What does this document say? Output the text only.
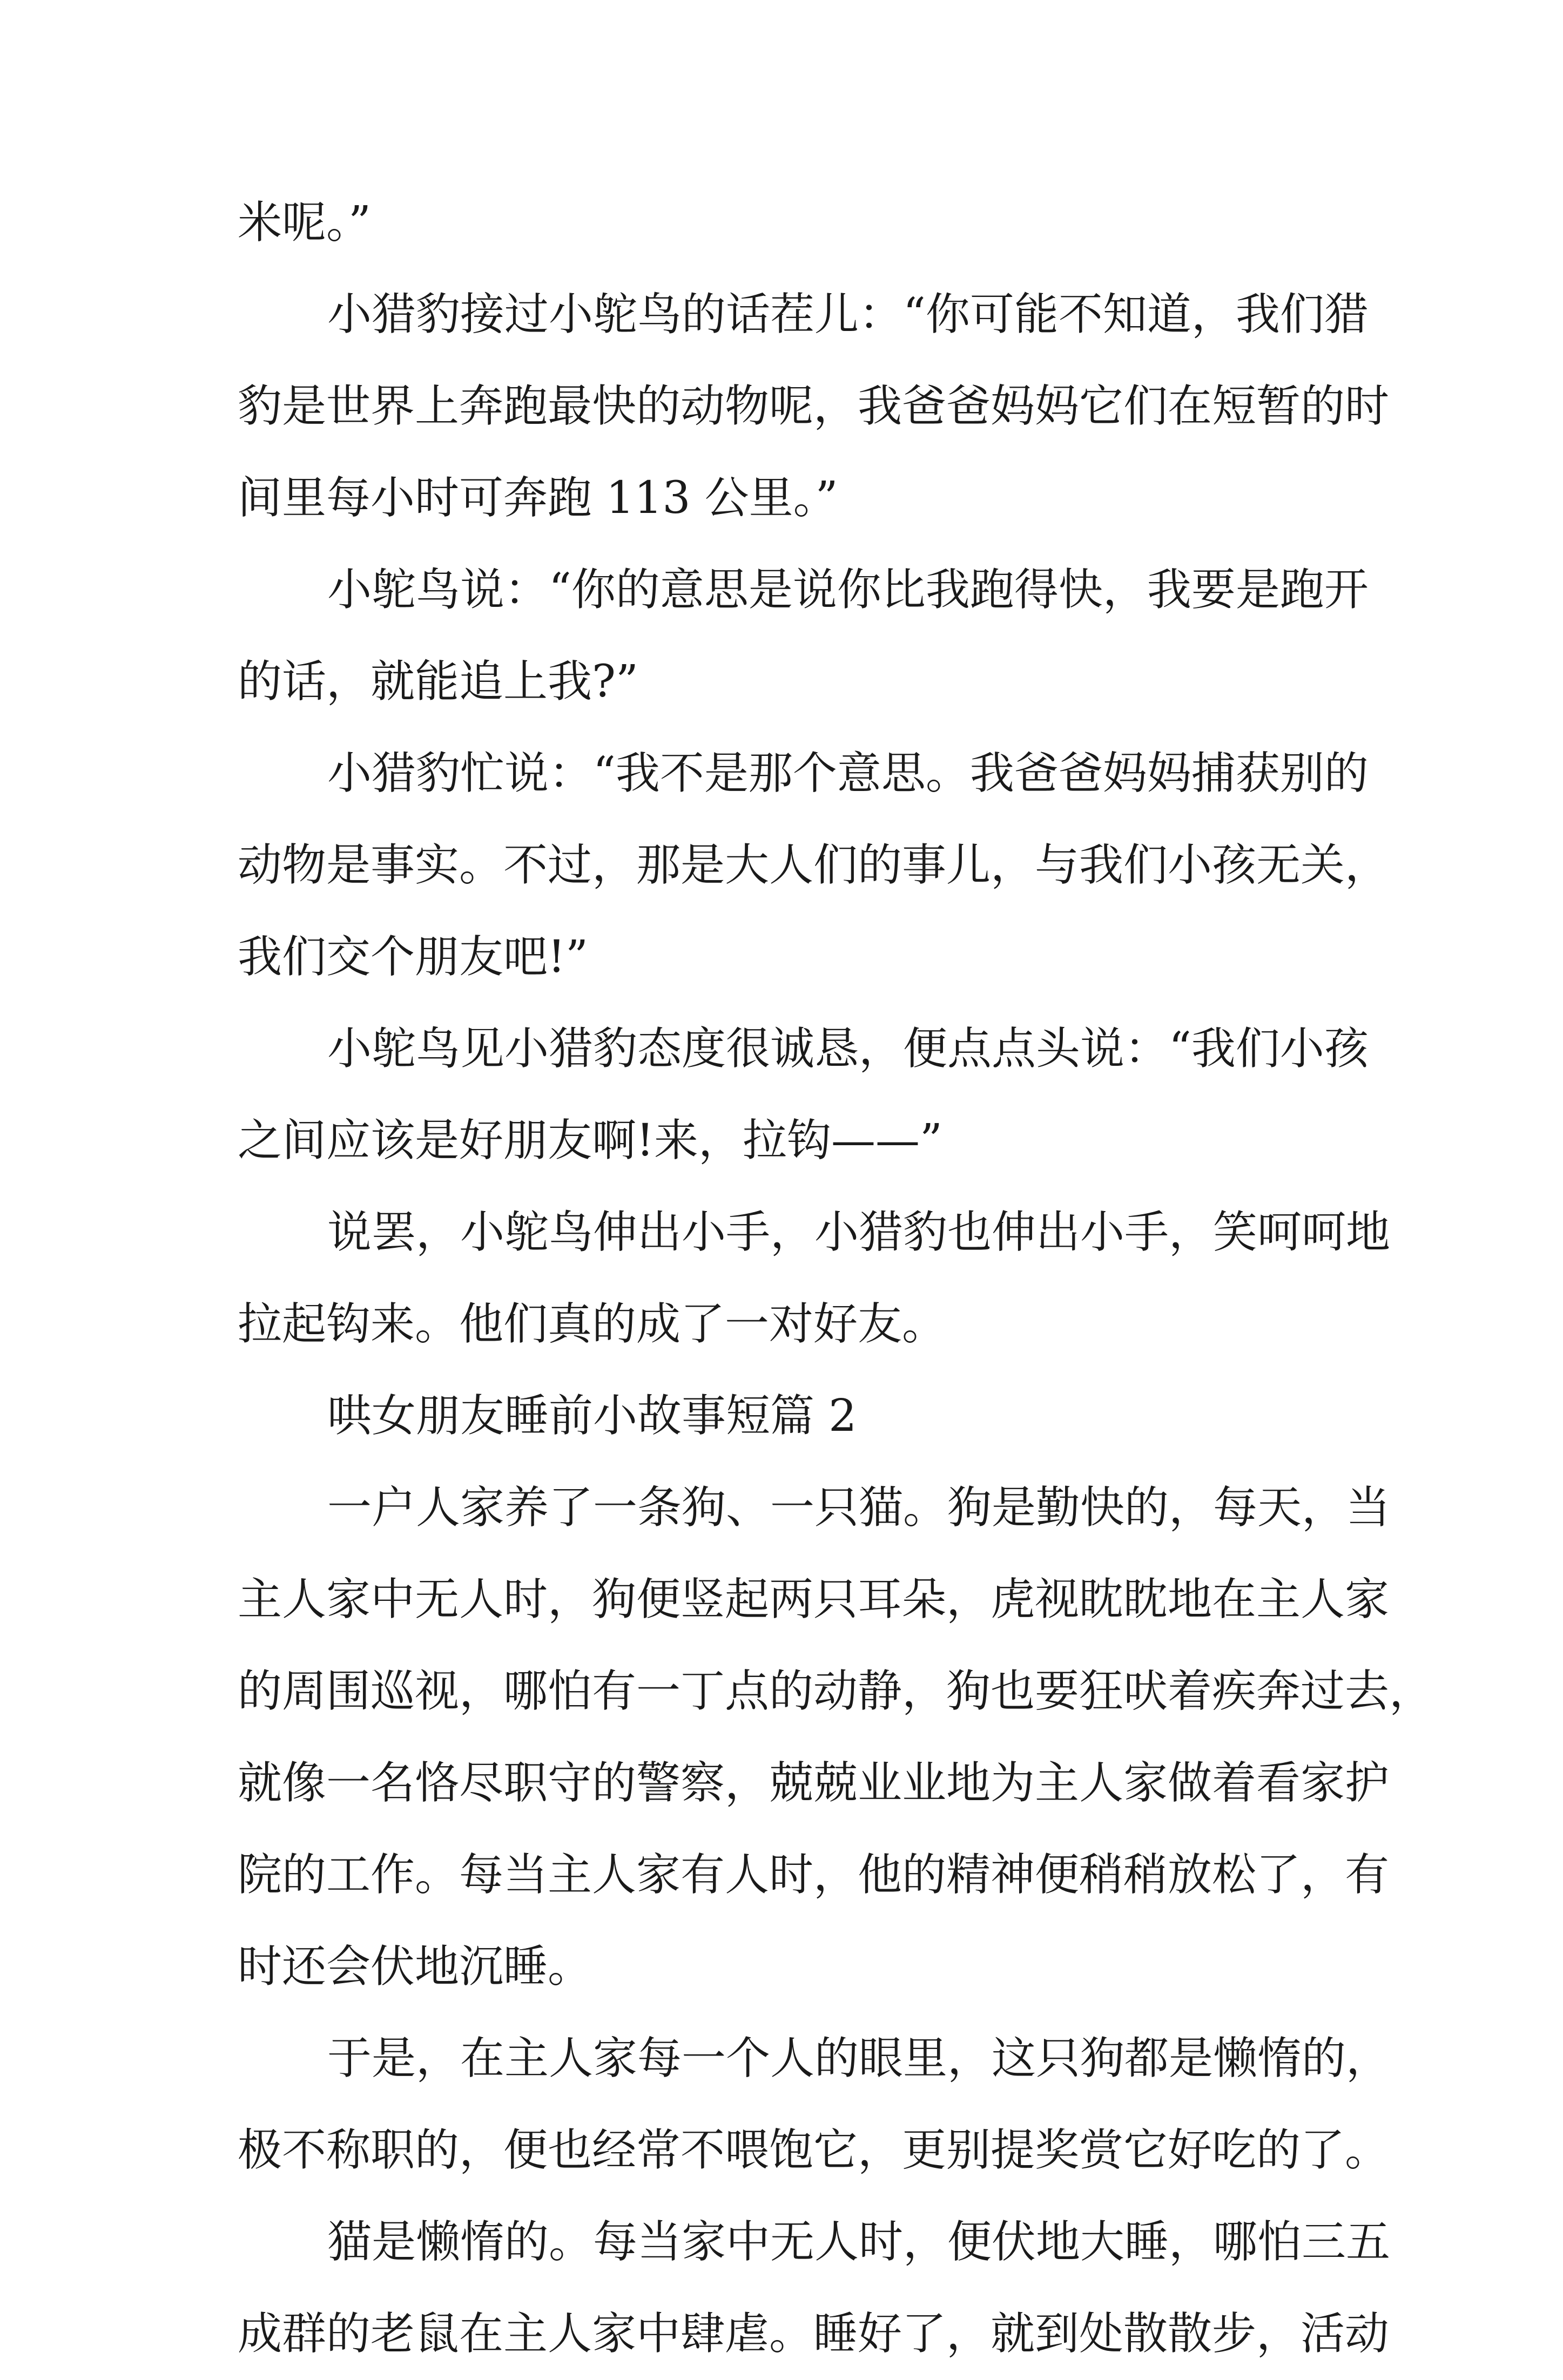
米呢。”
小猎豹接过小鸵鸟的话茬儿：“你可能不知道，我们猎
豹是世界上奔跑最快的动物呢，我爸爸妈妈它们在短暂的时
间里每小时可奔跑 113 公里。”
小鸵鸟说：“你的意思是说你比我跑得快，我要是跑开
的话，就能追上我?”
小猎豹忙说：“我不是那个意思。我爸爸妈妈捕获别的
动物是事实。不过，那是大人们的事儿，与我们小孩无关，
我们交个朋友吧!”
小鸵鸟见小猎豹态度很诚恳，便点点头说：“我们小孩
之间应该是好朋友啊!来，拉钩——”
说罢，小鸵鸟伸出小手，小猎豹也伸出小手，笑呵呵地
拉起钩来。他们真的成了一对好友。
哄女朋友睡前小故事短篇 2
一户人家养了一条狗、一只猫。狗是勤快的，每天，当
主人家中无人时，狗便竖起两只耳朵，虎视眈眈地在主人家
的周围巡视，哪怕有一丁点的动静，狗也要狂吠着疾奔过去，
就像一名恪尽职守的警察，兢兢业业地为主人家做着看家护
院的工作。每当主人家有人时，他的精神便稍稍放松了，有
时还会伏地沉睡。
于是，在主人家每一个人的眼里，这只狗都是懒惰的，
极不称职的，便也经常不喂饱它，更别提奖赏它好吃的了。
猫是懒惰的。每当家中无人时，便伏地大睡，哪怕三五
成群的老鼠在主人家中肆虐。睡好了，就到处散散步，活动
